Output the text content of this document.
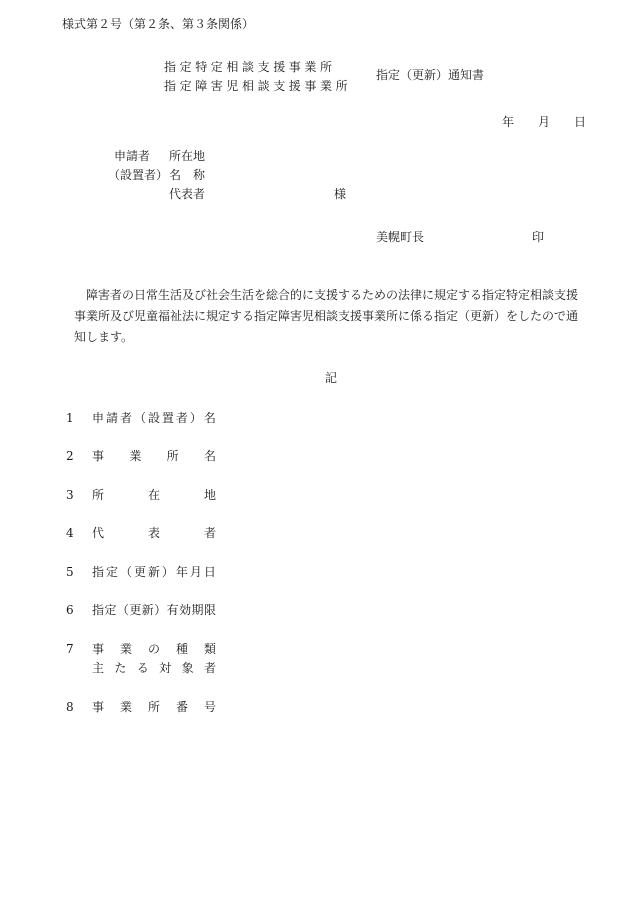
様式第２号（第２条、第３条関係）
指定特定相談支援事業所
指定障害児相談支援事業所
指定（更新）通知書
年 月 日
申請者 所在地
（設置者） 名　称
代表者	様
美幌町長	印
障害者の日常生活及び社会生活を総合的に支援するための法律に規定する指定特定相談支援
事業所及び児童福祉法に規定する指定障害児相談支援事業所に係る指定（更新）をしたので通
知します。
記
1 申 請 者 （ 設 置 者 ） 名
2 事 業 所 名
3 所	在	地
4 代	表	者
5 指 定 （ 更 新 ） 年 月 日
6 指 定 （ 更 新 ） 有 効 期 限
7 事 業 の 種 類
主 た る 対 象 者
8 事 業 所 番 号
